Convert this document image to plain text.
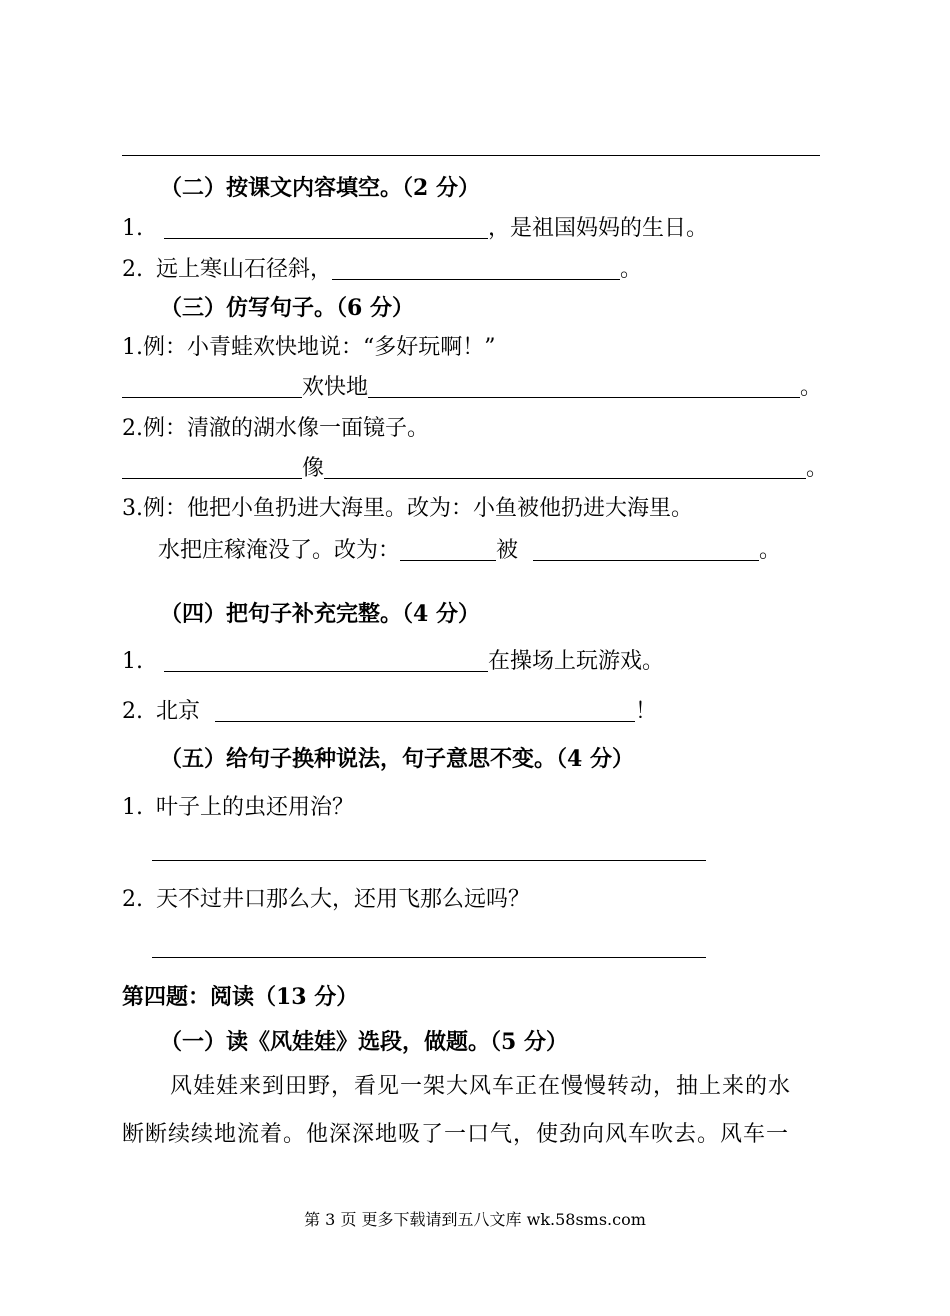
（二）按课文内容填空。（2 分）
1.	，是祖国妈妈的生日。
2. 远上寒山石径斜，	。
（三）仿写句子。（6 分）
1.例：小青蛙欢快地说：“多好玩啊！”
欢快地	。
2.例：清澈的湖水像一面镜子。
像	。
3.例：他把小鱼扔进大海里。改为：小鱼被他扔进大海里。
水把庄稼淹没了。改为：	被	。
（四）把句子补充完整。（4 分）
1.	在操场上玩游戏。
2. 北京	！
（五）给句子换种说法，句子意思不变。（4 分）
1. 叶子上的虫还用治？
2. 天不过井口那么大，还用飞那么远吗？
第四题：阅读（13 分）
（一）读《风娃娃》选段，做题。（5 分）
风娃娃来到田野，看见一架大风车正在慢慢转动，抽上来的水
断断续续地流着。他深深地吸了一口气，使劲向风车吹去。风车一
第 3 页 更多下载请到五八文库 wk.58sms.com
